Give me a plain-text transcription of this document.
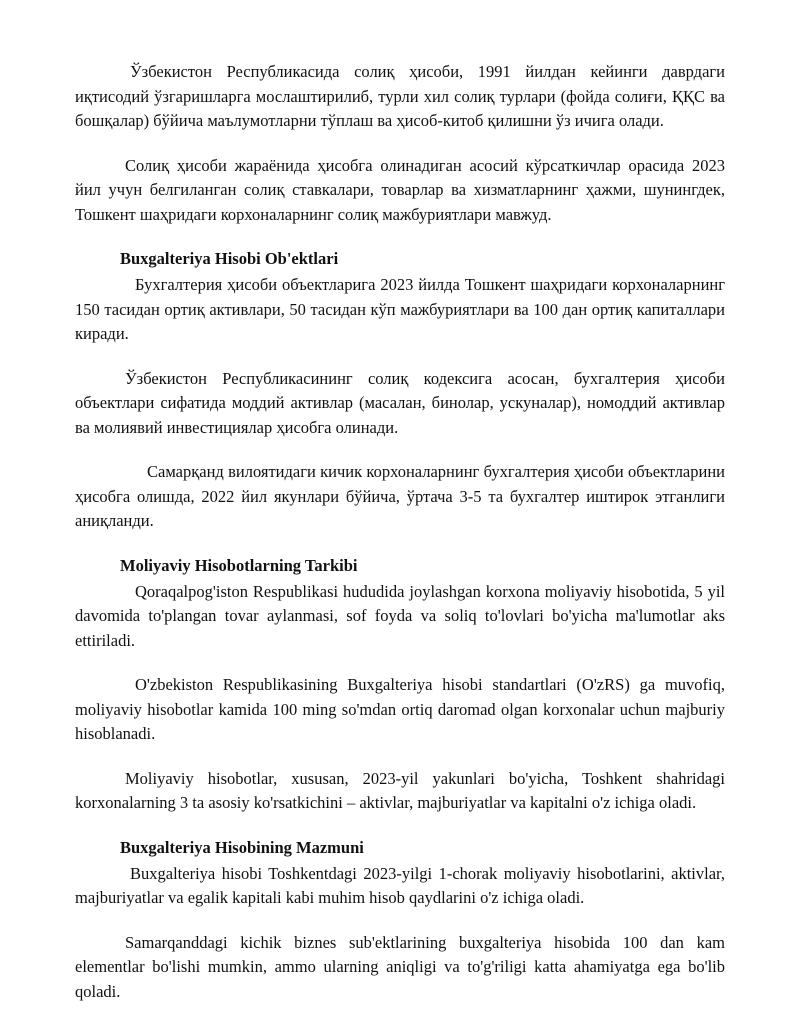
Ўзбекистон Республикасида солиқ ҳисоби, 1991 йилдан кейинги даврдаги иқтисодий ўзгаришларга мослаштирилиб, турли хил солиқ турлари (фойда солиғи, ҚҚС ва бошқалар) бўйича маълумотларни тўплаш ва ҳисоб-китоб қилишни ўз ичига олади.

Солиқ ҳисоби жараёнида ҳисобга олинадиган асосий кўрсаткичлар орасида 2023 йил учун белгиланган солиқ ставкалари, товарлар ва хизматларнинг ҳажми, шунингдек, Тошкент шаҳридаги корхоналарнинг солиқ мажбуриятлари мавжуд.

Buxgalteriya Hisobi Ob'ektlari

Бухгалтерия ҳисоби объектларига 2023 йилда Тошкент шаҳридаги корхоналарнинг 150 тасидан ортиқ активлари, 50 тасидан кўп мажбуриятлари ва 100 дан ортиқ капиталлари киради.

Ўзбекистон Республикасининг солиқ кодексига асосан, бухгалтерия ҳисоби объектлари сифатида моддий активлар (масалан, бинолар, ускуналар), номоддий активлар ва молиявий инвестициялар ҳисобга олинади.

Самарқанд вилоятидаги кичик корхоналарнинг бухгалтерия ҳисоби объектларини ҳисобга олишда, 2022 йил якунлари бўйича, ўртача 3-5 та бухгалтер иштирок этганлиги аниқланди.

Moliyaviy Hisobotlarning Tarkibi

Qoraqalpog'iston Respublikasi hududida joylashgan korxona moliyaviy hisobotida, 5 yil davomida to'plangan tovar aylanmasi, sof foyda va soliq to'lovlari bo'yicha ma'lumotlar aks ettiriladi.

O'zbekiston Respublikasining Buxgalteriya hisobi standartlari (O'zRS) ga muvofiq, moliyaviy hisobotlar kamida 100 ming so'mdan ortiq daromad olgan korxonalar uchun majburiy hisoblanadi.

Moliyaviy hisobotlar, xususan, 2023-yil yakunlari bo'yicha, Toshkent shahridagi korxonalarning 3 ta asosiy ko'rsatkichini – aktivlar, majburiyatlar va kapitalni o'z ichiga oladi.

Buxgalteriya Hisobining Mazmuni

Buxgalteriya hisobi Toshkentdagi 2023-yilgi 1-chorak moliyaviy hisobotlarini, aktivlar, majburiyatlar va egalik kapitali kabi muhim hisob qaydlarini o'z ichiga oladi.

Samarqanddagi kichik biznes sub'ektlarining buxgalteriya hisobida 100 dan kam elementlar bo'lishi mumkin, ammo ularning aniqligi va to'g'riligi katta ahamiyatga ega bo'lib qoladi.
